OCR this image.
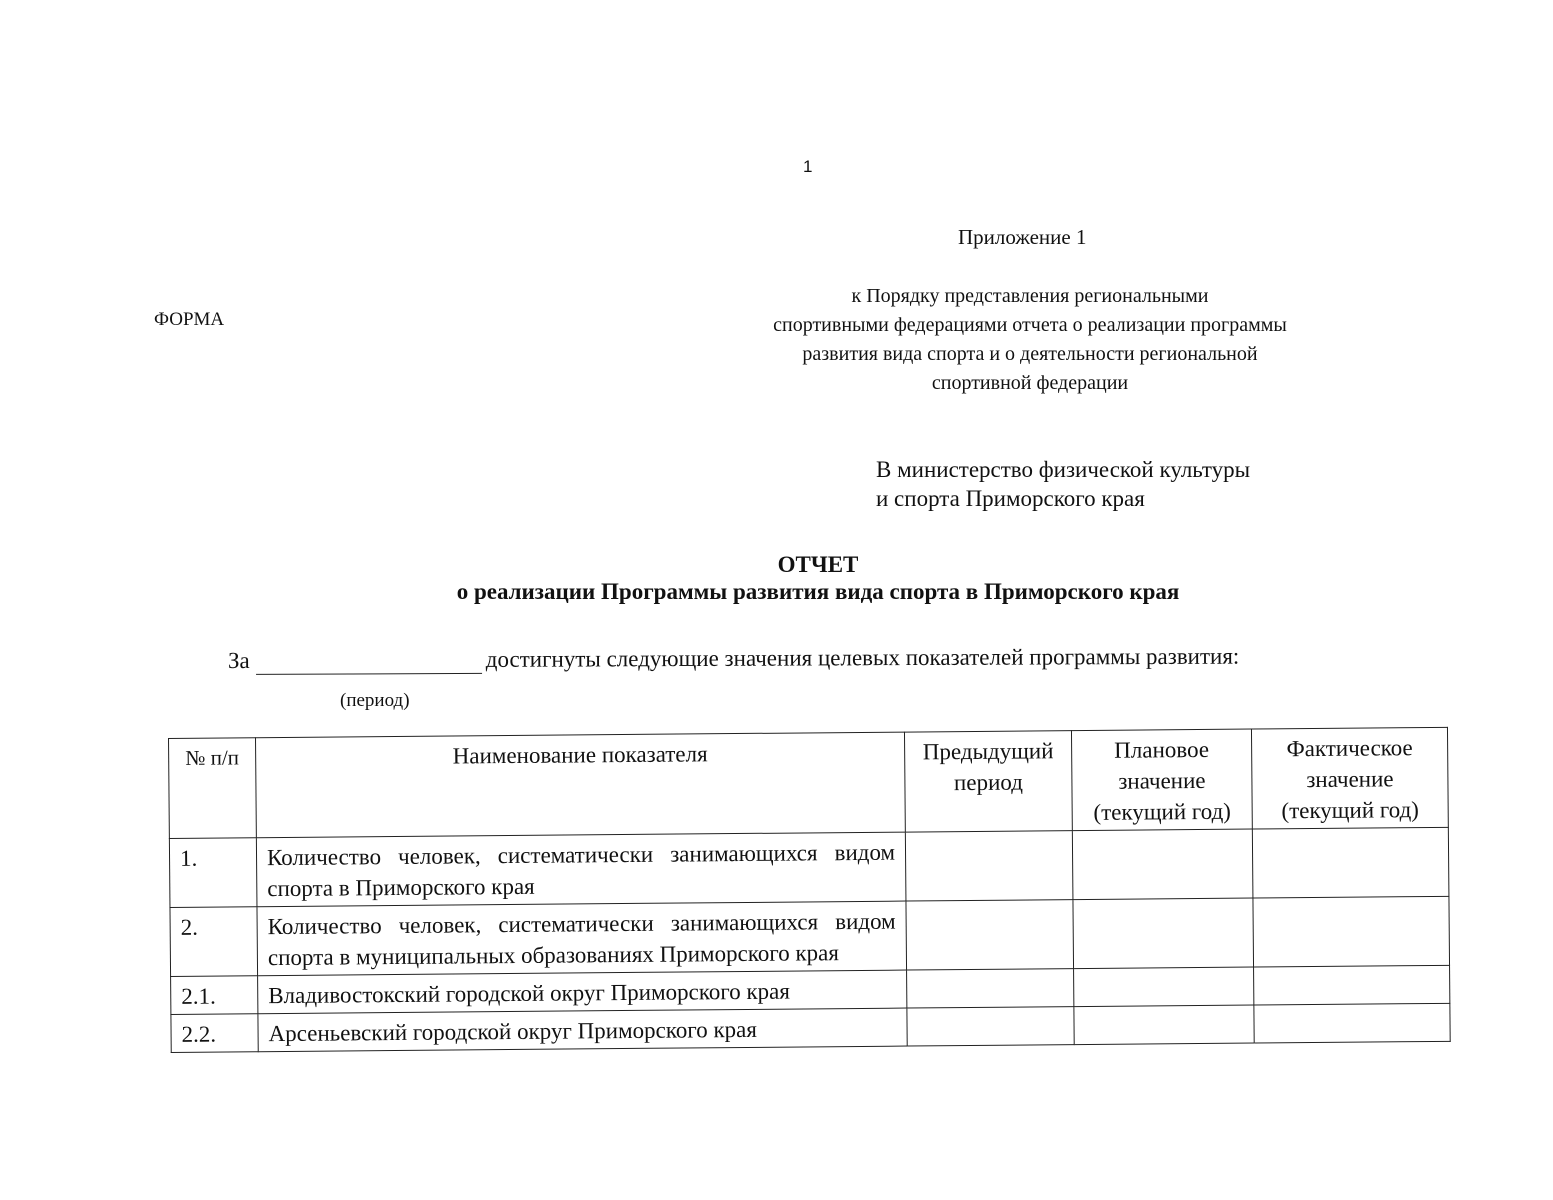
1
Приложение 1
к Порядку представления региональными
спортивными федерациями отчета о реализации программы
развития вида спорта и о деятельности региональной
спортивной федерации
ФОРМА
В министерство физической культуры
и спорта Приморского края
ОТЧЕТ
о реализации Программы развития вида спорта в Приморского края
За	достигнуты следующие значения целевых показателей программы развития:
(период)
№ п/п	Наименование показателя	Предыдущий период	Плановое значение (текущий год)	Фактическое значение (текущий год)
1.	Количество человек, систематически занимающихся видом спорта в Приморского края			
2.	Количество человек, систематически занимающихся видом спорта в муниципальных образованиях Приморского края			
2.1.	Владивостокский городской округ Приморского края			
2.2.	Арсеньевский городской округ Приморского края			
